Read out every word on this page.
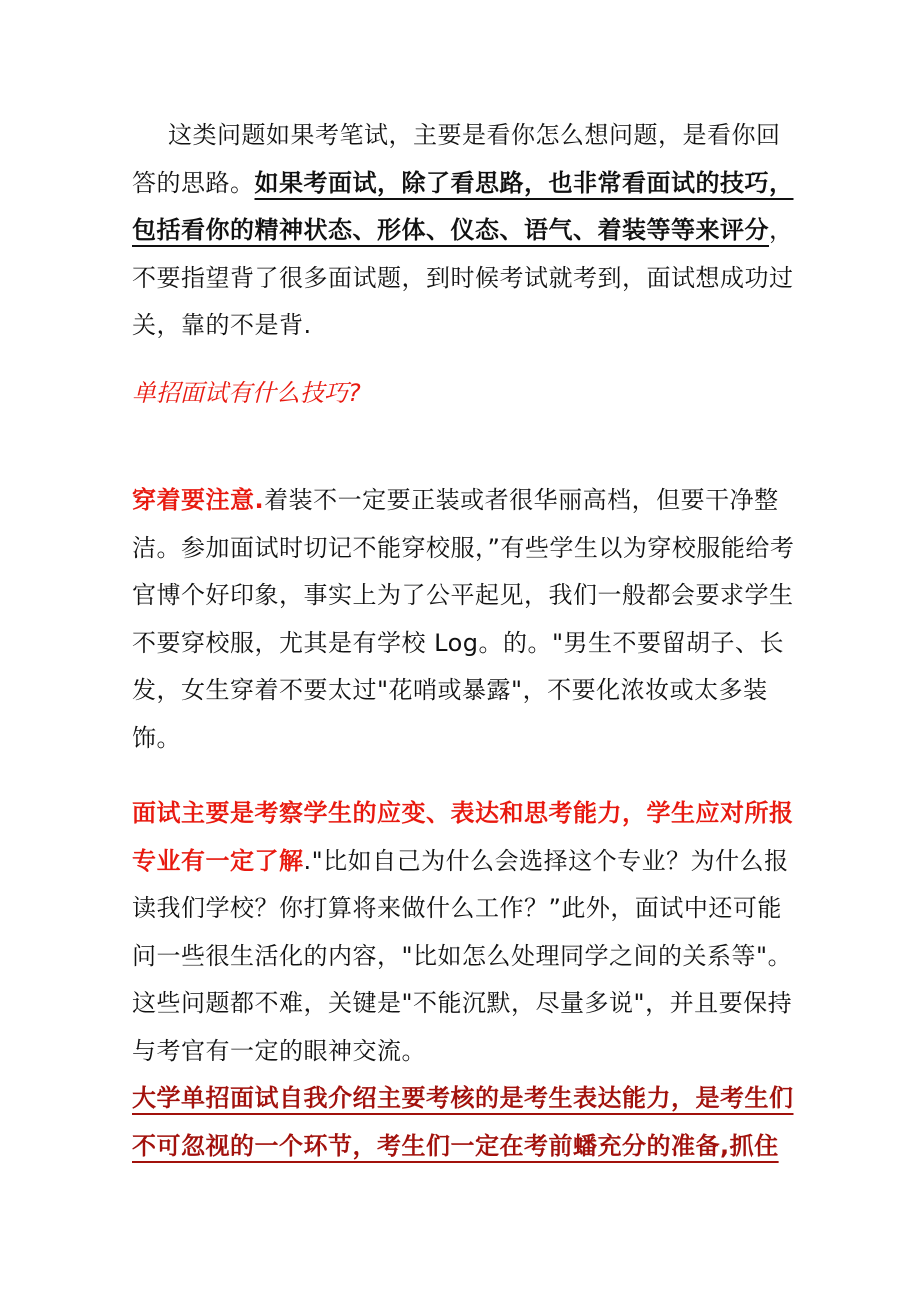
这类问题如果考笔试，主要是看你怎么想问题，是看你回答的思路。如果考面试，除了看思路，也非常看面试的技巧，包括看你的精神状态、形体、仪态、语气、着装等等来评分，不要指望背了很多面试题，到时候考试就考到，面试想成功过关，靠的不是背.

单招面试有什么技巧?

穿着要注意.着装不一定要正装或者很华丽高档，但要干净整洁。参加面试时切记不能穿校服，”有些学生以为穿校服能给考官博个好印象，事实上为了公平起见，我们一般都会要求学生不要穿校服，尤其是有学校 Log。的。"男生不要留胡子、长发，女生穿着不要太过"花哨或暴露"，不要化浓妆或太多装饰。

面试主要是考察学生的应变、表达和思考能力，学生应对所报专业有一定了解."比如自己为什么会选择这个专业？为什么报读我们学校？你打算将来做什么工作？”此外，面试中还可能问一些很生活化的内容，"比如怎么处理同学之间的关系等"。这些问题都不难，关键是"不能沉默，尽量多说"，并且要保持与考官有一定的眼神交流。

大学单招面试自我介绍主要考核的是考生表达能力，是考生们不可忽视的一个环节，考生们一定在考前蟠充分的准备,抓住
